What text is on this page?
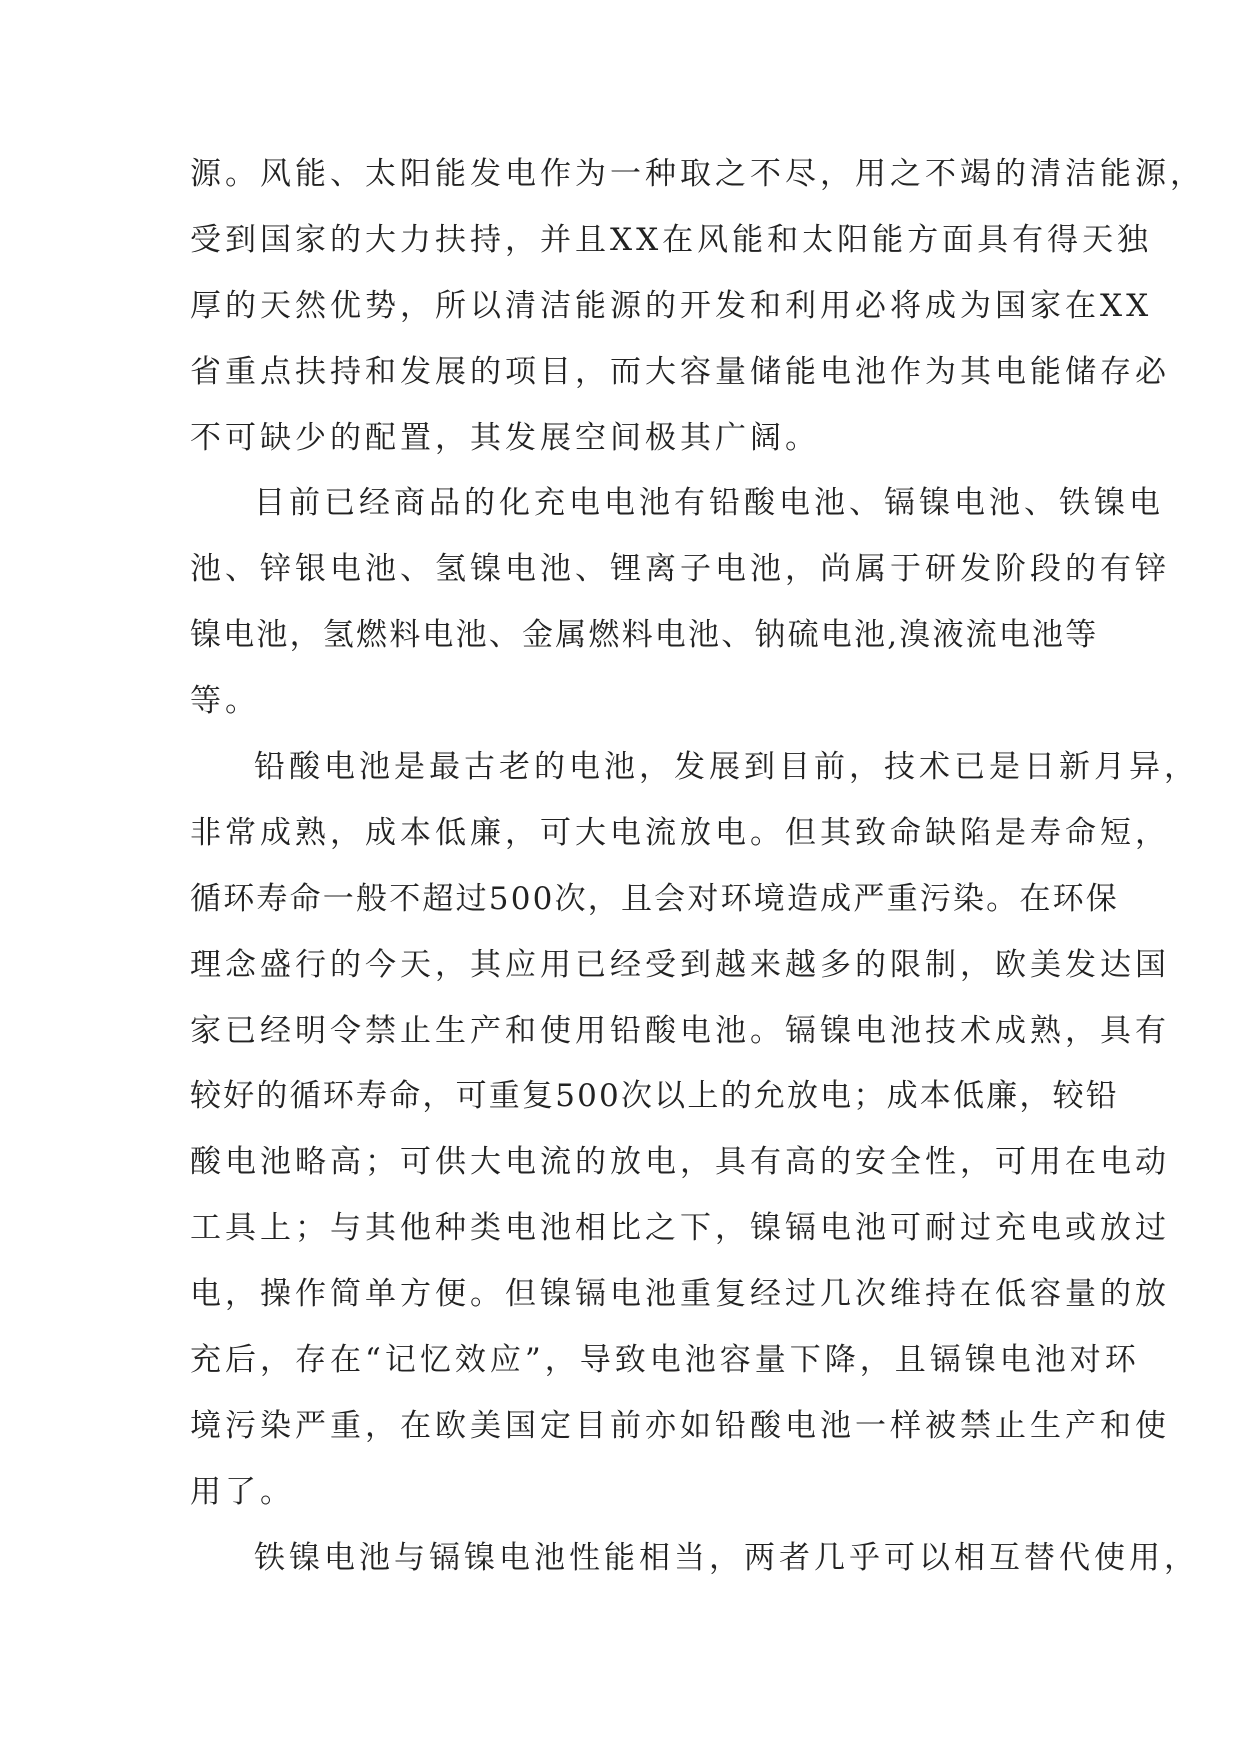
源。风能、太阳能发电作为一种取之不尽，用之不竭的清洁能源，
受到国家的大力扶持，并且XX在风能和太阳能方面具有得天独
厚的天然优势，所以清洁能源的开发和利用必将成为国家在XX
省重点扶持和发展的项目，而大容量储能电池作为其电能储存必
不可缺少的配置，其发展空间极其广阔。
目前已经商品的化充电电池有铅酸电池、镉镍电池、铁镍电
池、锌银电池、氢镍电池、锂离子电池，尚属于研发阶段的有锌
镍电池，氢燃料电池、金属燃料电池、钠硫电池,溴液流电池等
等。
铅酸电池是最古老的电池，发展到目前，技术已是日新月异，
非常成熟，成本低廉，可大电流放电。但其致命缺陷是寿命短，
循环寿命一般不超过500次，且会对环境造成严重污染。在环保
理念盛行的今天，其应用已经受到越来越多的限制，欧美发达国
家已经明令禁止生产和使用铅酸电池。镉镍电池技术成熟，具有
较好的循环寿命，可重复500次以上的允放电；成本低廉，较铅
酸电池略高；可供大电流的放电，具有高的安全性，可用在电动
工具上；与其他种类电池相比之下，镍镉电池可耐过充电或放过
电，操作简单方便。但镍镉电池重复经过几次维持在低容量的放
充后，存在“记忆效应”，导致电池容量下降，且镉镍电池对环
境污染严重，在欧美国定目前亦如铅酸电池一样被禁止生产和使
用了。
铁镍电池与镉镍电池性能相当，两者几乎可以相互替代使用，
